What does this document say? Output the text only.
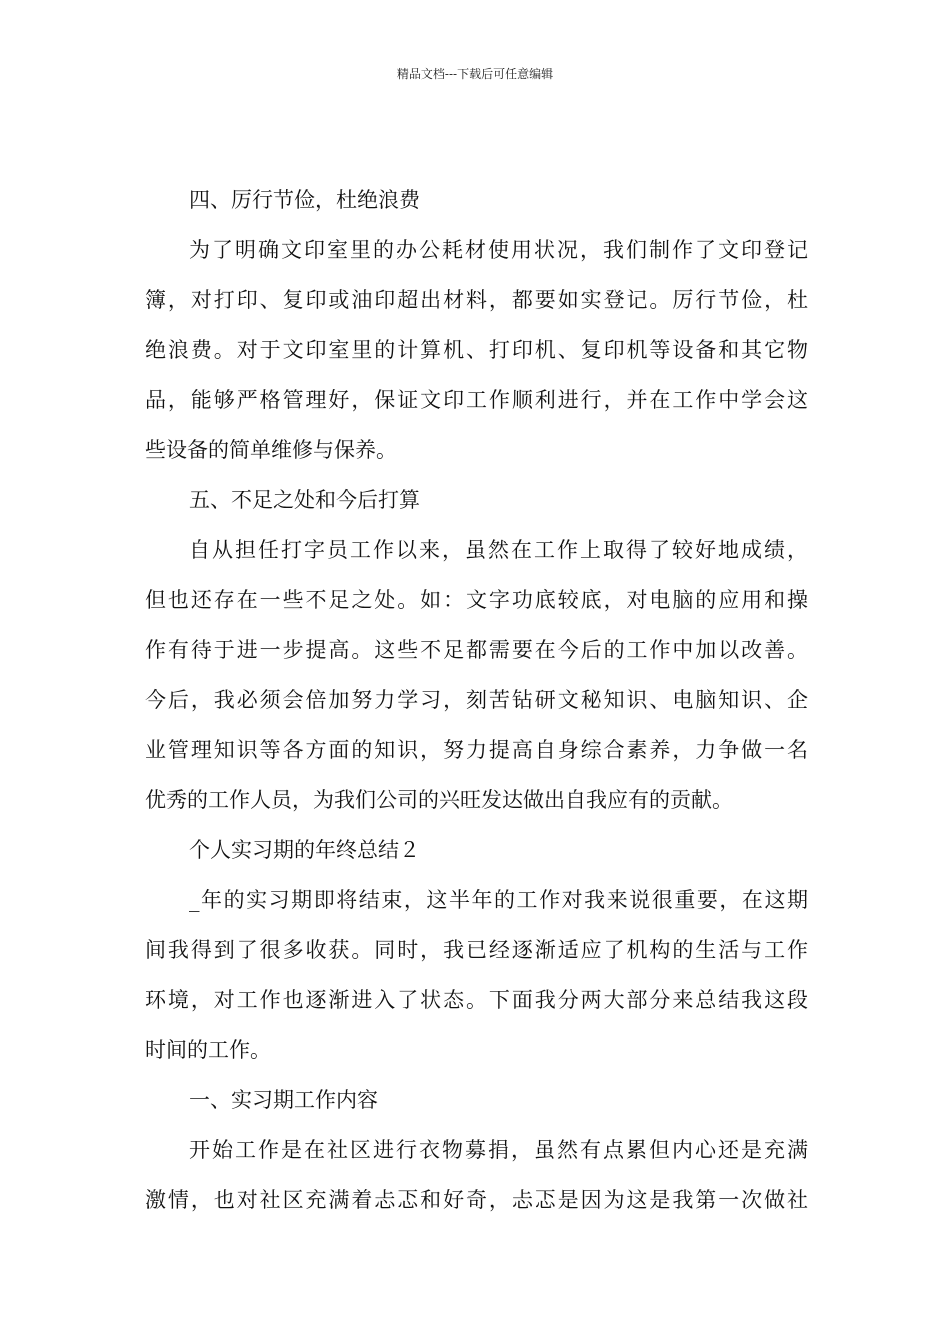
精品文档---下载后可任意编辑
四、厉行节俭，杜绝浪费
为了明确文印室里的办公耗材使用状况，我们制作了文印登记
簿，对打印、复印或油印超出材料，都要如实登记。厉行节俭，杜
绝浪费。对于文印室里的计算机、打印机、复印机等设备和其它物
品，能够严格管理好，保证文印工作顺利进行，并在工作中学会这
些设备的简单维修与保养。
五、不足之处和今后打算
自从担任打字员工作以来，虽然在工作上取得了较好地成绩，
但也还存在一些不足之处。如：文字功底较底，对电脑的应用和操
作有待于进一步提高。这些不足都需要在今后的工作中加以改善。
今后，我必须会倍加努力学习，刻苦钻研文秘知识、电脑知识、企
业管理知识等各方面的知识，努力提高自身综合素养，力争做一名
优秀的工作人员，为我们公司的兴旺发达做出自我应有的贡献。
个人实习期的年终总结２
_年的实习期即将结束，这半年的工作对我来说很重要，在这期
间我得到了很多收获。同时，我已经逐渐适应了机构的生活与工作
环境，对工作也逐渐进入了状态。下面我分两大部分来总结我这段
时间的工作。
一、实习期工作内容
开始工作是在社区进行衣物募捐，虽然有点累但内心还是充满
激情，也对社区充满着忐忑和好奇，忐忑是因为这是我第一次做社
